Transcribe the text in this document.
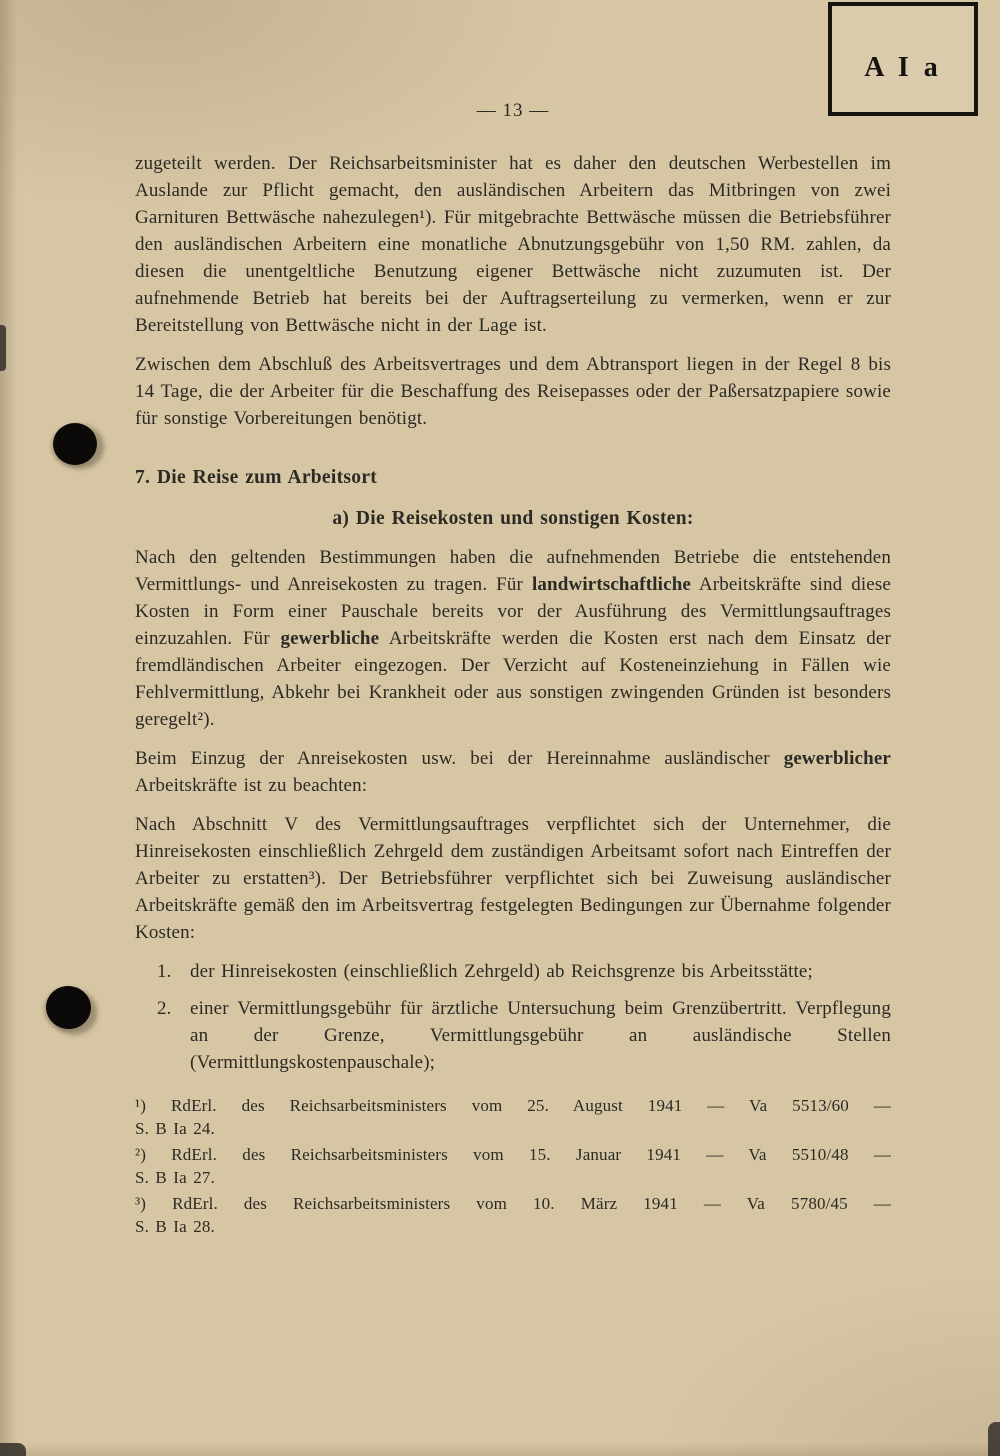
A I a
— 13 —

zugeteilt werden. Der Reichsarbeitsminister hat es daher den deutschen Werbestellen im Auslande zur Pflicht gemacht, den ausländischen Arbeitern das Mitbringen von zwei Garnituren Bettwäsche nahezulegen¹). Für mitgebrachte Bettwäsche müssen die Betriebsführer den ausländischen Arbeitern eine monatliche Abnutzungsgebühr von 1,50 RM. zahlen, da diesen die unentgeltliche Benutzung eigener Bettwäsche nicht zuzumuten ist. Der aufnehmende Betrieb hat bereits bei der Auftragserteilung zu vermerken, wenn er zur Bereitstellung von Bettwäsche nicht in der Lage ist.

Zwischen dem Abschluß des Arbeitsvertrages und dem Abtransport liegen in der Regel 8 bis 14 Tage, die der Arbeiter für die Beschaffung des Reisepasses oder der Paßersatzpapiere sowie für sonstige Vorbereitungen benötigt.

7. Die Reise zum Arbeitsort
a) Die Reisekosten und sonstigen Kosten:

Nach den geltenden Bestimmungen haben die aufnehmenden Betriebe die entstehenden Vermittlungs- und Anreisekosten zu tragen. Für landwirtschaftliche Arbeitskräfte sind diese Kosten in Form einer Pauschale bereits vor der Ausführung des Vermittlungsauftrages einzuzahlen. Für gewerbliche Arbeitskräfte werden die Kosten erst nach dem Einsatz der fremdländischen Arbeiter eingezogen. Der Verzicht auf Kosteneinziehung in Fällen wie Fehlvermittlung, Abkehr bei Krankheit oder aus sonstigen zwingenden Gründen ist besonders geregelt²).

Beim Einzug der Anreisekosten usw. bei der Hereinnahme ausländischer gewerblicher Arbeitskräfte ist zu beachten:

Nach Abschnitt V des Vermittlungsauftrages verpflichtet sich der Unternehmer, die Hinreisekosten einschließlich Zehrgeld dem zuständigen Arbeitsamt sofort nach Eintreffen der Arbeiter zu erstatten³). Der Betriebsführer verpflichtet sich bei Zuweisung ausländischer Arbeitskräfte gemäß den im Arbeitsvertrag festgelegten Bedingungen zur Übernahme folgender Kosten:

1. der Hinreisekosten (einschließlich Zehrgeld) ab Reichsgrenze bis Arbeitsstätte;
2. einer Vermittlungsgebühr für ärztliche Untersuchung beim Grenzübertritt. Verpflegung an der Grenze, Vermittlungsgebühr an ausländische Stellen (Vermittlungskostenpauschale);
¹) RdErl. des Reichsarbeitsministers vom 25. August 1941 — Va 5513/60 —
S. B Ia 24.
²) RdErl. des Reichsarbeitsministers vom 15. Januar 1941 — Va 5510/48 —
S. B Ia 27.
³) RdErl. des Reichsarbeitsministers vom 10. März 1941 — Va 5780/45 —
S. B Ia 28.
